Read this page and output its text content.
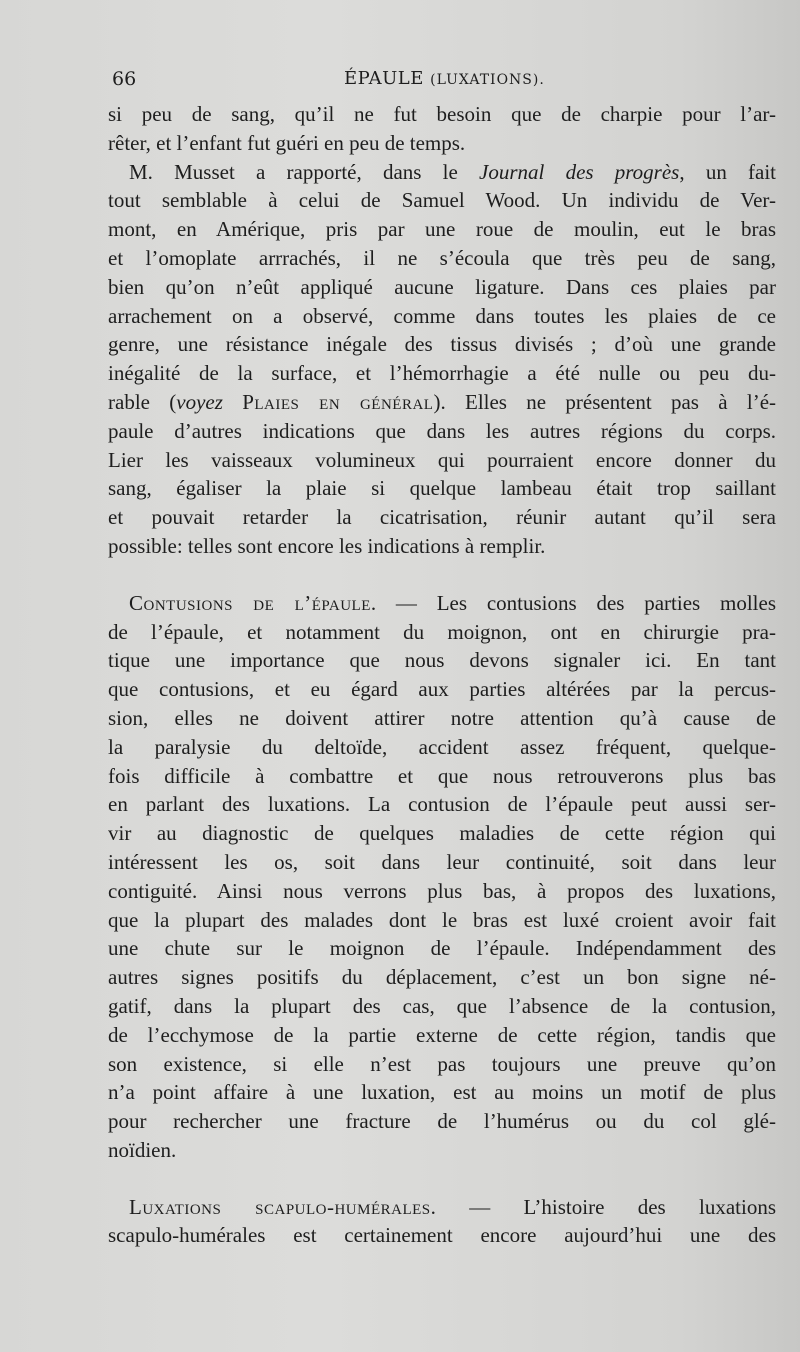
66	ÉPAULE (LUXATIONS).
si peu de sang, qu’il ne fut besoin que de charpie pour l’ar-
rêter, et l’enfant fut guéri en peu de temps.
 M. Musset a rapporté, dans le Journal des progrès, un fait
tout semblable à celui de Samuel Wood. Un individu de Ver-
mont, en Amérique, pris par une roue de moulin, eut le bras
et l’omoplate arrrachés, il ne s’écoula que très peu de sang,
bien qu’on n’eût appliqué aucune ligature. Dans ces plaies par
arrachement on a observé, comme dans toutes les plaies de ce
genre, une résistance inégale des tissus divisés ; d’où une grande
inégalité de la surface, et l’hémorrhagie a été nulle ou peu du-
rable (voyez Plaies en général). Elles ne présentent pas à l’é-
paule d’autres indications que dans les autres régions du corps.
Lier les vaisseaux volumineux qui pourraient encore donner du
sang, égaliser la plaie si quelque lambeau était trop saillant
et pouvait retarder la cicatrisation, réunir autant qu’il sera
possible: telles sont encore les indications à remplir.
 Contusions de l’épaule. — Les contusions des parties molles
de l’épaule, et notamment du moignon, ont en chirurgie pra-
tique une importance que nous devons signaler ici. En tant
que contusions, et eu égard aux parties altérées par la percus-
sion, elles ne doivent attirer notre attention qu’à cause de
la paralysie du deltoïde, accident assez fréquent, quelque-
fois difficile à combattre et que nous retrouverons plus bas
en parlant des luxations. La contusion de l’épaule peut aussi ser-
vir au diagnostic de quelques maladies de cette région qui
intéressent les os, soit dans leur continuité, soit dans leur
contiguité. Ainsi nous verrons plus bas, à propos des luxations,
que la plupart des malades dont le bras est luxé croient avoir fait
une chute sur le moignon de l’épaule. Indépendamment des
autres signes positifs du déplacement, c’est un bon signe né-
gatif, dans la plupart des cas, que l’absence de la contusion,
de l’ecchymose de la partie externe de cette région, tandis que
son existence, si elle n’est pas toujours une preuve qu’on
n’a point affaire à une luxation, est au moins un motif de plus
pour rechercher une fracture de l’humérus ou du col glé-
noïdien.
 Luxations scapulo-humérales. — L’histoire des luxations
scapulo-humérales est certainement encore aujourd’hui une des
